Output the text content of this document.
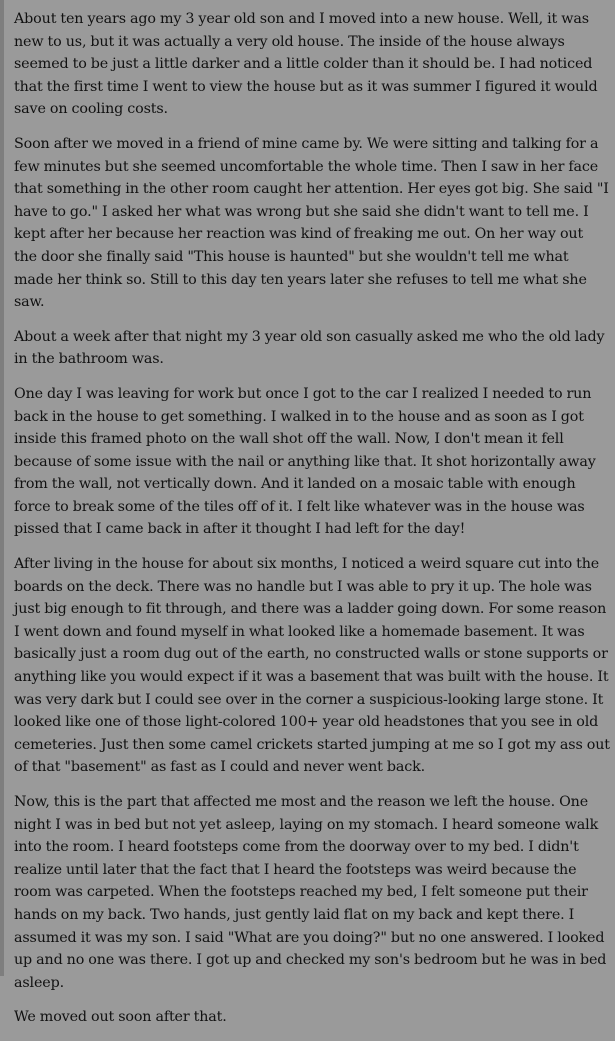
About ten years ago my 3 year old son and I moved into a new house. Well, it was new to us, but it was actually a very old house. The inside of the house always seemed to be just a little darker and a little colder than it should be. I had noticed that the first time I went to view the house but as it was summer I figured it would save on cooling costs.

Soon after we moved in a friend of mine came by. We were sitting and talking for a few minutes but she seemed uncomfortable the whole time. Then I saw in her face that something in the other room caught her attention. Her eyes got big. She said "I have to go." I asked her what was wrong but she said she didn't want to tell me. I kept after her because her reaction was kind of freaking me out. On her way out the door she finally said "This house is haunted" but she wouldn't tell me what made her think so. Still to this day ten years later she refuses to tell me what she saw.

About a week after that night my 3 year old son casually asked me who the old lady in the bathroom was.

One day I was leaving for work but once I got to the car I realized I needed to run back in the house to get something. I walked in to the house and as soon as I got inside this framed photo on the wall shot off the wall. Now, I don't mean it fell because of some issue with the nail or anything like that. It shot horizontally away from the wall, not vertically down. And it landed on a mosaic table with enough force to break some of the tiles off of it. I felt like whatever was in the house was pissed that I came back in after it thought I had left for the day!

After living in the house for about six months, I noticed a weird square cut into the boards on the deck. There was no handle but I was able to pry it up. The hole was just big enough to fit through, and there was a ladder going down. For some reason I went down and found myself in what looked like a homemade basement. It was basically just a room dug out of the earth, no constructed walls or stone supports or anything like you would expect if it was a basement that was built with the house. It was very dark but I could see over in the corner a suspicious-looking large stone. It looked like one of those light-colored 100+ year old headstones that you see in old cemeteries. Just then some camel crickets started jumping at me so I got my ass out of that "basement" as fast as I could and never went back.

Now, this is the part that affected me most and the reason we left the house. One night I was in bed but not yet asleep, laying on my stomach. I heard someone walk into the room. I heard footsteps come from the doorway over to my bed. I didn't realize until later that the fact that I heard the footsteps was weird because the room was carpeted. When the footsteps reached my bed, I felt someone put their hands on my back. Two hands, just gently laid flat on my back and kept there. I assumed it was my son. I said "What are you doing?" but no one answered. I looked up and no one was there. I got up and checked my son's bedroom but he was in bed asleep.

We moved out soon after that.
